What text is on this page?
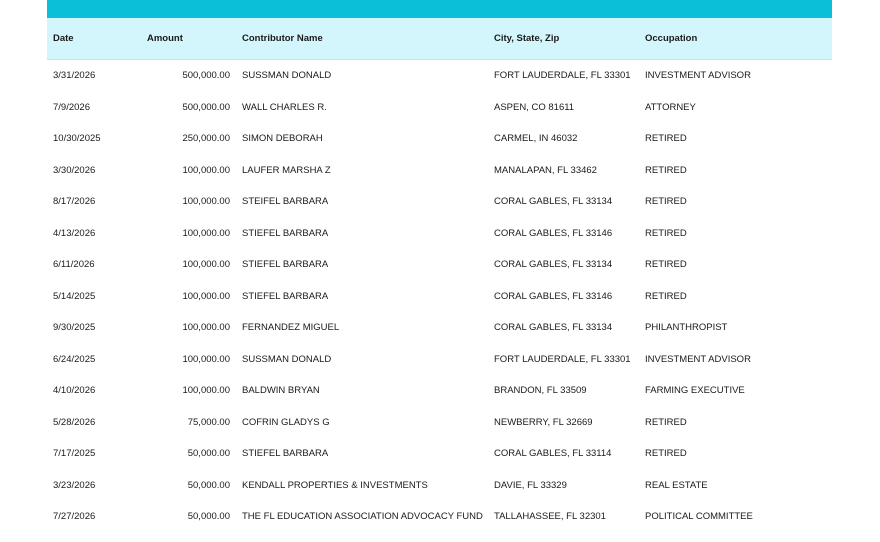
Date	Amount	Contributor Name	City, State, Zip	Occupation
3/31/2026	500,000.00	SUSSMAN DONALD	FORT LAUDERDALE, FL 33301	INVESTMENT ADVISOR
7/9/2026	500,000.00	WALL CHARLES R.	ASPEN, CO 81611	ATTORNEY
10/30/2025	250,000.00	SIMON DEBORAH	CARMEL, IN 46032	RETIRED
3/30/2026	100,000.00	LAUFER MARSHA Z	MANALAPAN, FL 33462	RETIRED
8/17/2026	100,000.00	STEIFEL BARBARA	CORAL GABLES, FL 33134	RETIRED
4/13/2026	100,000.00	STIEFEL BARBARA	CORAL GABLES, FL 33146	RETIRED
6/11/2026	100,000.00	STIEFEL BARBARA	CORAL GABLES, FL 33134	RETIRED
5/14/2025	100,000.00	STIEFEL BARBARA	CORAL GABLES, FL 33146	RETIRED
9/30/2025	100,000.00	FERNANDEZ MIGUEL	CORAL GABLES, FL 33134	PHILANTHROPIST
6/24/2025	100,000.00	SUSSMAN DONALD	FORT LAUDERDALE, FL 33301	INVESTMENT ADVISOR
4/10/2026	100,000.00	BALDWIN BRYAN	BRANDON, FL 33509	FARMING EXECUTIVE
5/28/2026	75,000.00	COFRIN GLADYS G	NEWBERRY, FL 32669	RETIRED
7/17/2025	50,000.00	STIEFEL BARBARA	CORAL GABLES, FL 33114	RETIRED
3/23/2026	50,000.00	KENDALL PROPERTIES & INVESTMENTS	DAVIE, FL 33329	REAL ESTATE
7/27/2026	50,000.00	THE FL EDUCATION ASSOCIATION ADVOCACY FUND	TALLAHASSEE, FL 32301	POLITICAL COMMITTEE
